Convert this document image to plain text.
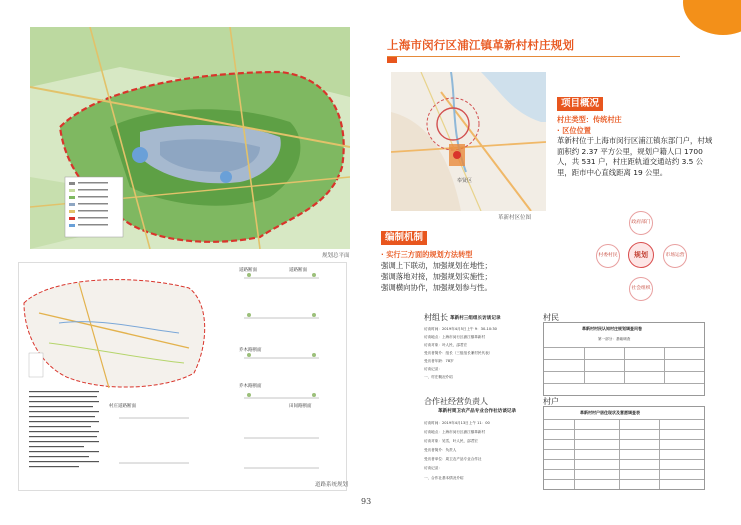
上海市闵行区浦江镇革新村村庄规划
规划总平面
奉贤区
革新村区位图
项目概况
村庄类型：传统村庄
· 区位位置
革新村位于上海市闵行区浦江镇东部门户，村域面积约 2.37 平方公里，规划户籍人口 1700 人，共 531 户，村庄距轨道交通站约 3.5 公里，距市中心直线距离 19 公里。
编制机制
· 实行三方面的规划方法转型
强调上下联动，加强规划在地性；
强调落地对接，加强规划实施性；
强调横向协作，加强规划参与性。
政府部门
市场运营
社会组织
村委村民	规划
道路断面	道路断面
乔木路断面
乔木路断面
村庄道路断面	田间路断面
道路系统规划
村组长	村民
革新村三组组长访谈记录
访谈时间：2019年4月5日上午 9：30-10:30
访谈地点：上海市闵行区浦江镇革新村
访谈对象：叶人民，邵君宏
受访者简介：组长（三组组长兼村民代表）
受访者年龄：78岁
访谈记录：
一、村庄概况介绍
合作社经营负责人	村户
革新村周卫农产品专业合作社访谈记录
访谈时间：2019年4月13日上午 11：00
访谈地点：上海市闵行区浦江镇革新村
访谈对象：吴雪，叶人民，邵君宏
受访者简介：负责人
受访者单位：周卫农产品专业合作社
访谈记录：
一、合作社基本情况介绍
革新村村民认知村庄规划调查问卷
第一部分：基础调查
革新村村户居住现状及意愿调查表
93
